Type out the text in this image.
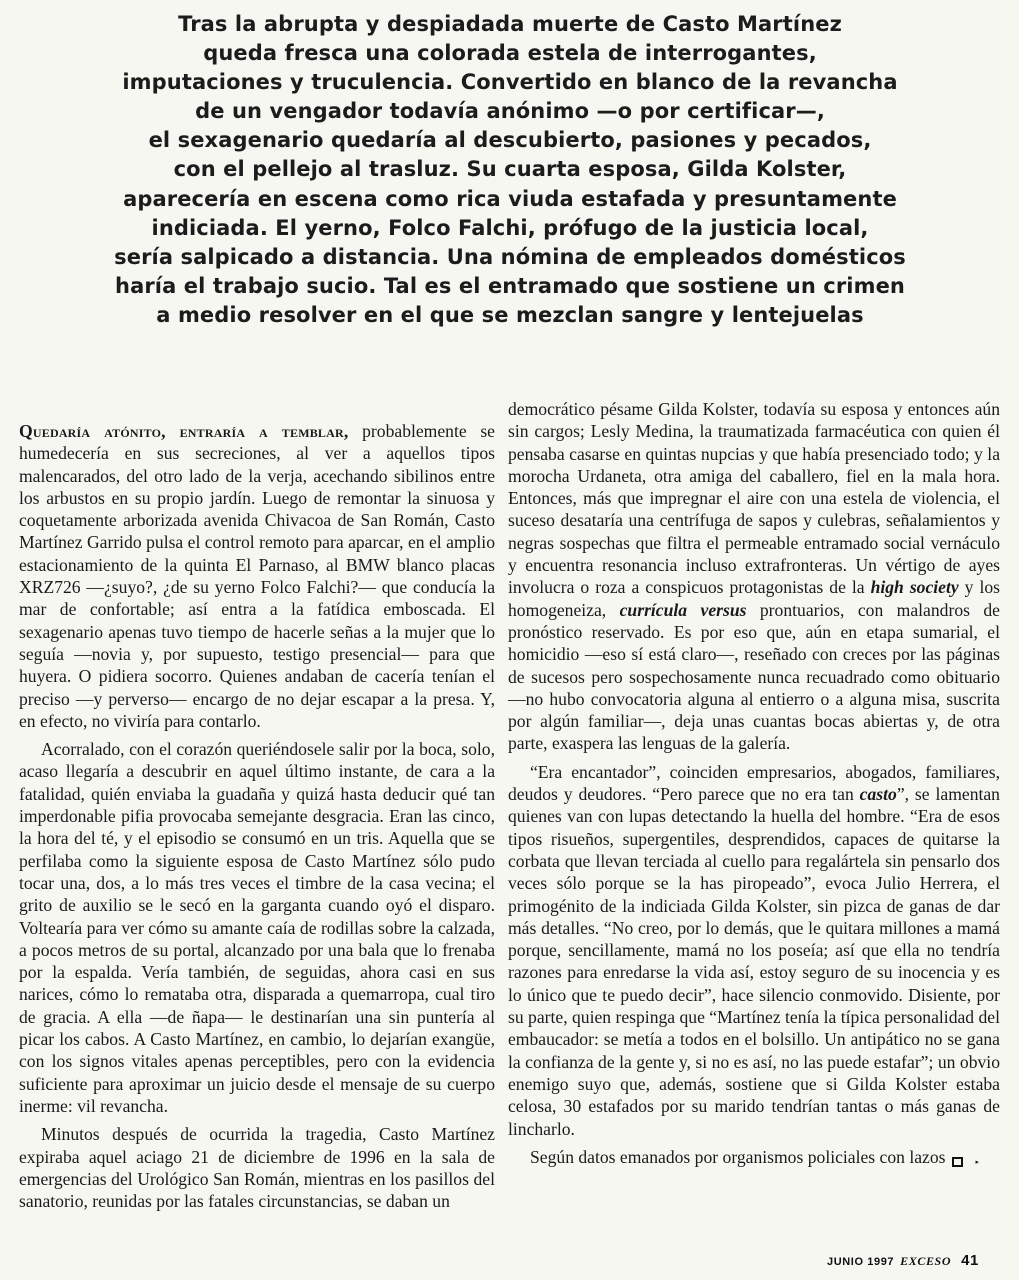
Tras la abrupta y despiadada muerte de Casto Martínez
queda fresca una colorada estela de interrogantes,
imputaciones y truculencia. Convertido en blanco de la revancha
de un vengador todavía anónimo —o por certificar—,
el sexagenario quedaría al descubierto, pasiones y pecados,
con el pellejo al trasluz. Su cuarta esposa, Gilda Kolster,
aparecería en escena como rica viuda estafada y presuntamente
indiciada. El yerno, Folco Falchi, prófugo de la justicia local,
sería salpicado a distancia. Una nómina de empleados domésticos
haría el trabajo sucio. Tal es el entramado que sostiene un crimen
a medio resolver en el que se mezclan sangre y lentejuelas

Quedaría atónito, entraría a temblar, probablemente se humedecería en sus secreciones, al ver a aquellos tipos malencarados, del otro lado de la verja, acechando sibilinos entre los arbustos en su propio jardín. Luego de remontar la sinuosa y coquetamente arborizada avenida Chivacoa de San Román, Casto Martínez Garrido pulsa el control remoto para aparcar, en el amplio estacionamiento de la quinta El Parnaso, al BMW blanco placas XRZ726 —¿suyo?, ¿de su yerno Folco Falchi?— que conducía la mar de confortable; así entra a la fatídica emboscada. El sexagenario apenas tuvo tiempo de hacerle señas a la mujer que lo seguía —novia y, por supuesto, testigo presencial— para que huyera. O pidiera socorro. Quienes andaban de cacería tenían el preciso —y perverso— encargo de no dejar escapar a la presa. Y, en efecto, no viviría para contarlo.

Acorralado, con el corazón queriéndosele salir por la boca, solo, acaso llegaría a descubrir en aquel último instante, de cara a la fatalidad, quién enviaba la guadaña y quizá hasta deducir qué tan imperdonable pifia provocaba semejante desgracia. Eran las cinco, la hora del té, y el episodio se consumó en un tris. Aquella que se perfilaba como la siguiente esposa de Casto Martínez sólo pudo tocar una, dos, a lo más tres veces el timbre de la casa vecina; el grito de auxilio se le secó en la garganta cuando oyó el disparo. Voltearía para ver cómo su amante caía de rodillas sobre la calzada, a pocos metros de su portal, alcanzado por una bala que lo frenaba por la espalda. Vería también, de seguidas, ahora casi en sus narices, cómo lo remataba otra, disparada a quemarropa, cual tiro de gracia. A ella —de ñapa— le destinarían una sin puntería al picar los cabos. A Casto Martínez, en cambio, lo dejarían exangüe, con los signos vitales apenas perceptibles, pero con la evidencia suficiente para aproximar un juicio desde el mensaje de su cuerpo inerme: vil revancha.

Minutos después de ocurrida la tragedia, Casto Martínez expiraba aquel aciago 21 de diciembre de 1996 en la sala de emergencias del Urológico San Román, mientras en los pasillos del sanatorio, reunidas por las fatales circunstancias, se daban un

democrático pésame Gilda Kolster, todavía su esposa y entonces aún sin cargos; Lesly Medina, la traumatizada farmacéutica con quien él pensaba casarse en quintas nupcias y que había presenciado todo; y la morocha Urdaneta, otra amiga del caballero, fiel en la mala hora. Entonces, más que impregnar el aire con una estela de violencia, el suceso desataría una centrífuga de sapos y culebras, señalamientos y negras sospechas que filtra el permeable entramado social vernáculo y encuentra resonancia incluso extrafronteras. Un vértigo de ayes involucra o roza a conspicuos protagonistas de la high society y los homogeneiza, currícula versus prontuarios, con malandros de pronóstico reservado. Es por eso que, aún en etapa sumarial, el homicidio —eso sí está claro—, reseñado con creces por las páginas de sucesos pero sospechosamente nunca recuadrado como obituario —no hubo convocatoria alguna al entierro o a alguna misa, suscrita por algún familiar—, deja unas cuantas bocas abiertas y, de otra parte, exaspera las lenguas de la galería.

“Era encantador”, coinciden empresarios, abogados, familiares, deudos y deudores. “Pero parece que no era tan casto”, se lamentan quienes van con lupas detectando la huella del hombre. “Era de esos tipos risueños, supergentiles, desprendidos, capaces de quitarse la corbata que llevan terciada al cuello para regalártela sin pensarlo dos veces sólo porque se la has piropeado”, evoca Julio Herrera, el primogénito de la indiciada Gilda Kolster, sin pizca de ganas de dar más detalles. “No creo, por lo demás, que le quitara millones a mamá porque, sencillamente, mamá no los poseía; así que ella no tendría razones para enredarse la vida así, estoy seguro de su inocencia y es lo único que te puedo decir”, hace silencio conmovido. Disiente, por su parte, quien respinga que “Martínez tenía la típica personalidad del embaucador: se metía a todos en el bolsillo. Un antipático no se gana la confianza de la gente y, si no es así, no las puede estafar”; un obvio enemigo suyo que, además, sostiene que si Gilda Kolster estaba celosa, 30 estafados por su marido tendrían tantas o más ganas de lincharlo.

Según datos emanados por organismos policiales con lazos	▸

JUNIO 1997 EXCESO 41
